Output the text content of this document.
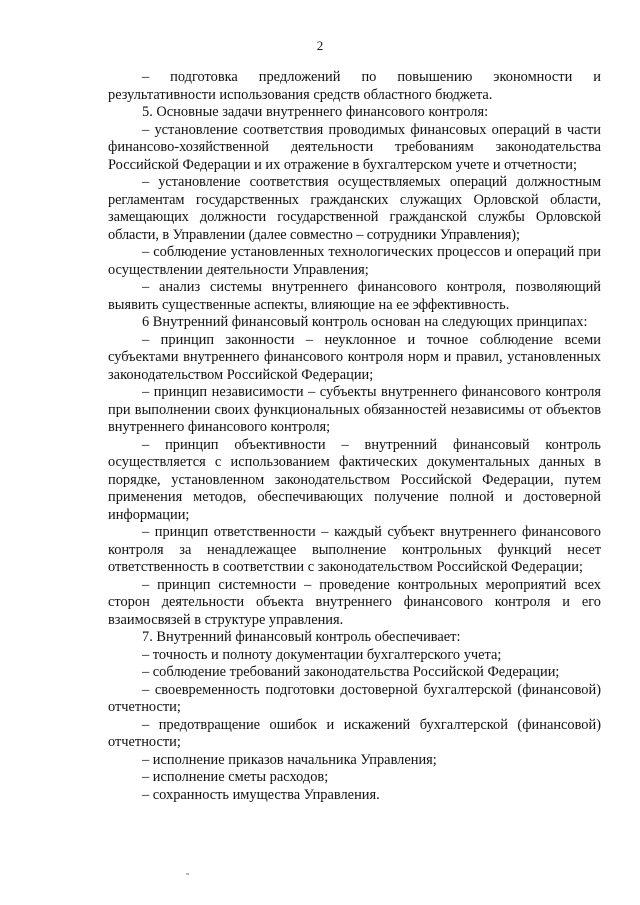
2

– подготовка предложений по повышению экономности и результативности использования средств областного бюджета.

5. Основные задачи внутреннего финансового контроля:

– установление соответствия проводимых финансовых операций в части финансово-хозяйственной деятельности требованиям законодательства Российской Федерации и их отражение в бухгалтерском учете и отчетности;

– установление соответствия осуществляемых операций должностным регламентам государственных гражданских служащих Орловской области, замещающих должности государственной гражданской службы Орловской области, в Управлении (далее совместно – сотрудники Управления);

– соблюдение установленных технологических процессов и операций при осуществлении деятельности Управления;

– анализ системы внутреннего финансового контроля, позволяющий выявить существенные аспекты, влияющие на ее эффективность.

6 Внутренний финансовый контроль основан на следующих принципах:

– принцип законности – неуклонное и точное соблюдение всеми субъектами внутреннего финансового контроля норм и правил, установленных законодательством Российской Федерации;

– принцип независимости – субъекты внутреннего финансового контроля при выполнении своих функциональных обязанностей независимы от объектов внутреннего финансового контроля;

– принцип объективности – внутренний финансовый контроль осуществляется с использованием фактических документальных данных в порядке, установленном законодательством Российской Федерации, путем применения методов, обеспечивающих получение полной и достоверной информации;

– принцип ответственности – каждый субъект внутреннего финансового контроля за ненадлежащее выполнение контрольных функций несет ответственность в соответствии с законодательством Российской Федерации;

– принцип системности – проведение контрольных мероприятий всех сторон деятельности объекта внутреннего финансового контроля и его взаимосвязей в структуре управления.

7. Внутренний финансовый контроль обеспечивает:

– точность и полноту документации бухгалтерского учета;

– соблюдение требований законодательства Российской Федерации;

– своевременность подготовки достоверной бухгалтерской (финансовой) отчетности;

– предотвращение ошибок и искажений бухгалтерской (финансовой) отчетности;

– исполнение приказов начальника Управления;

– исполнение сметы расходов;

– сохранность имущества Управления.
